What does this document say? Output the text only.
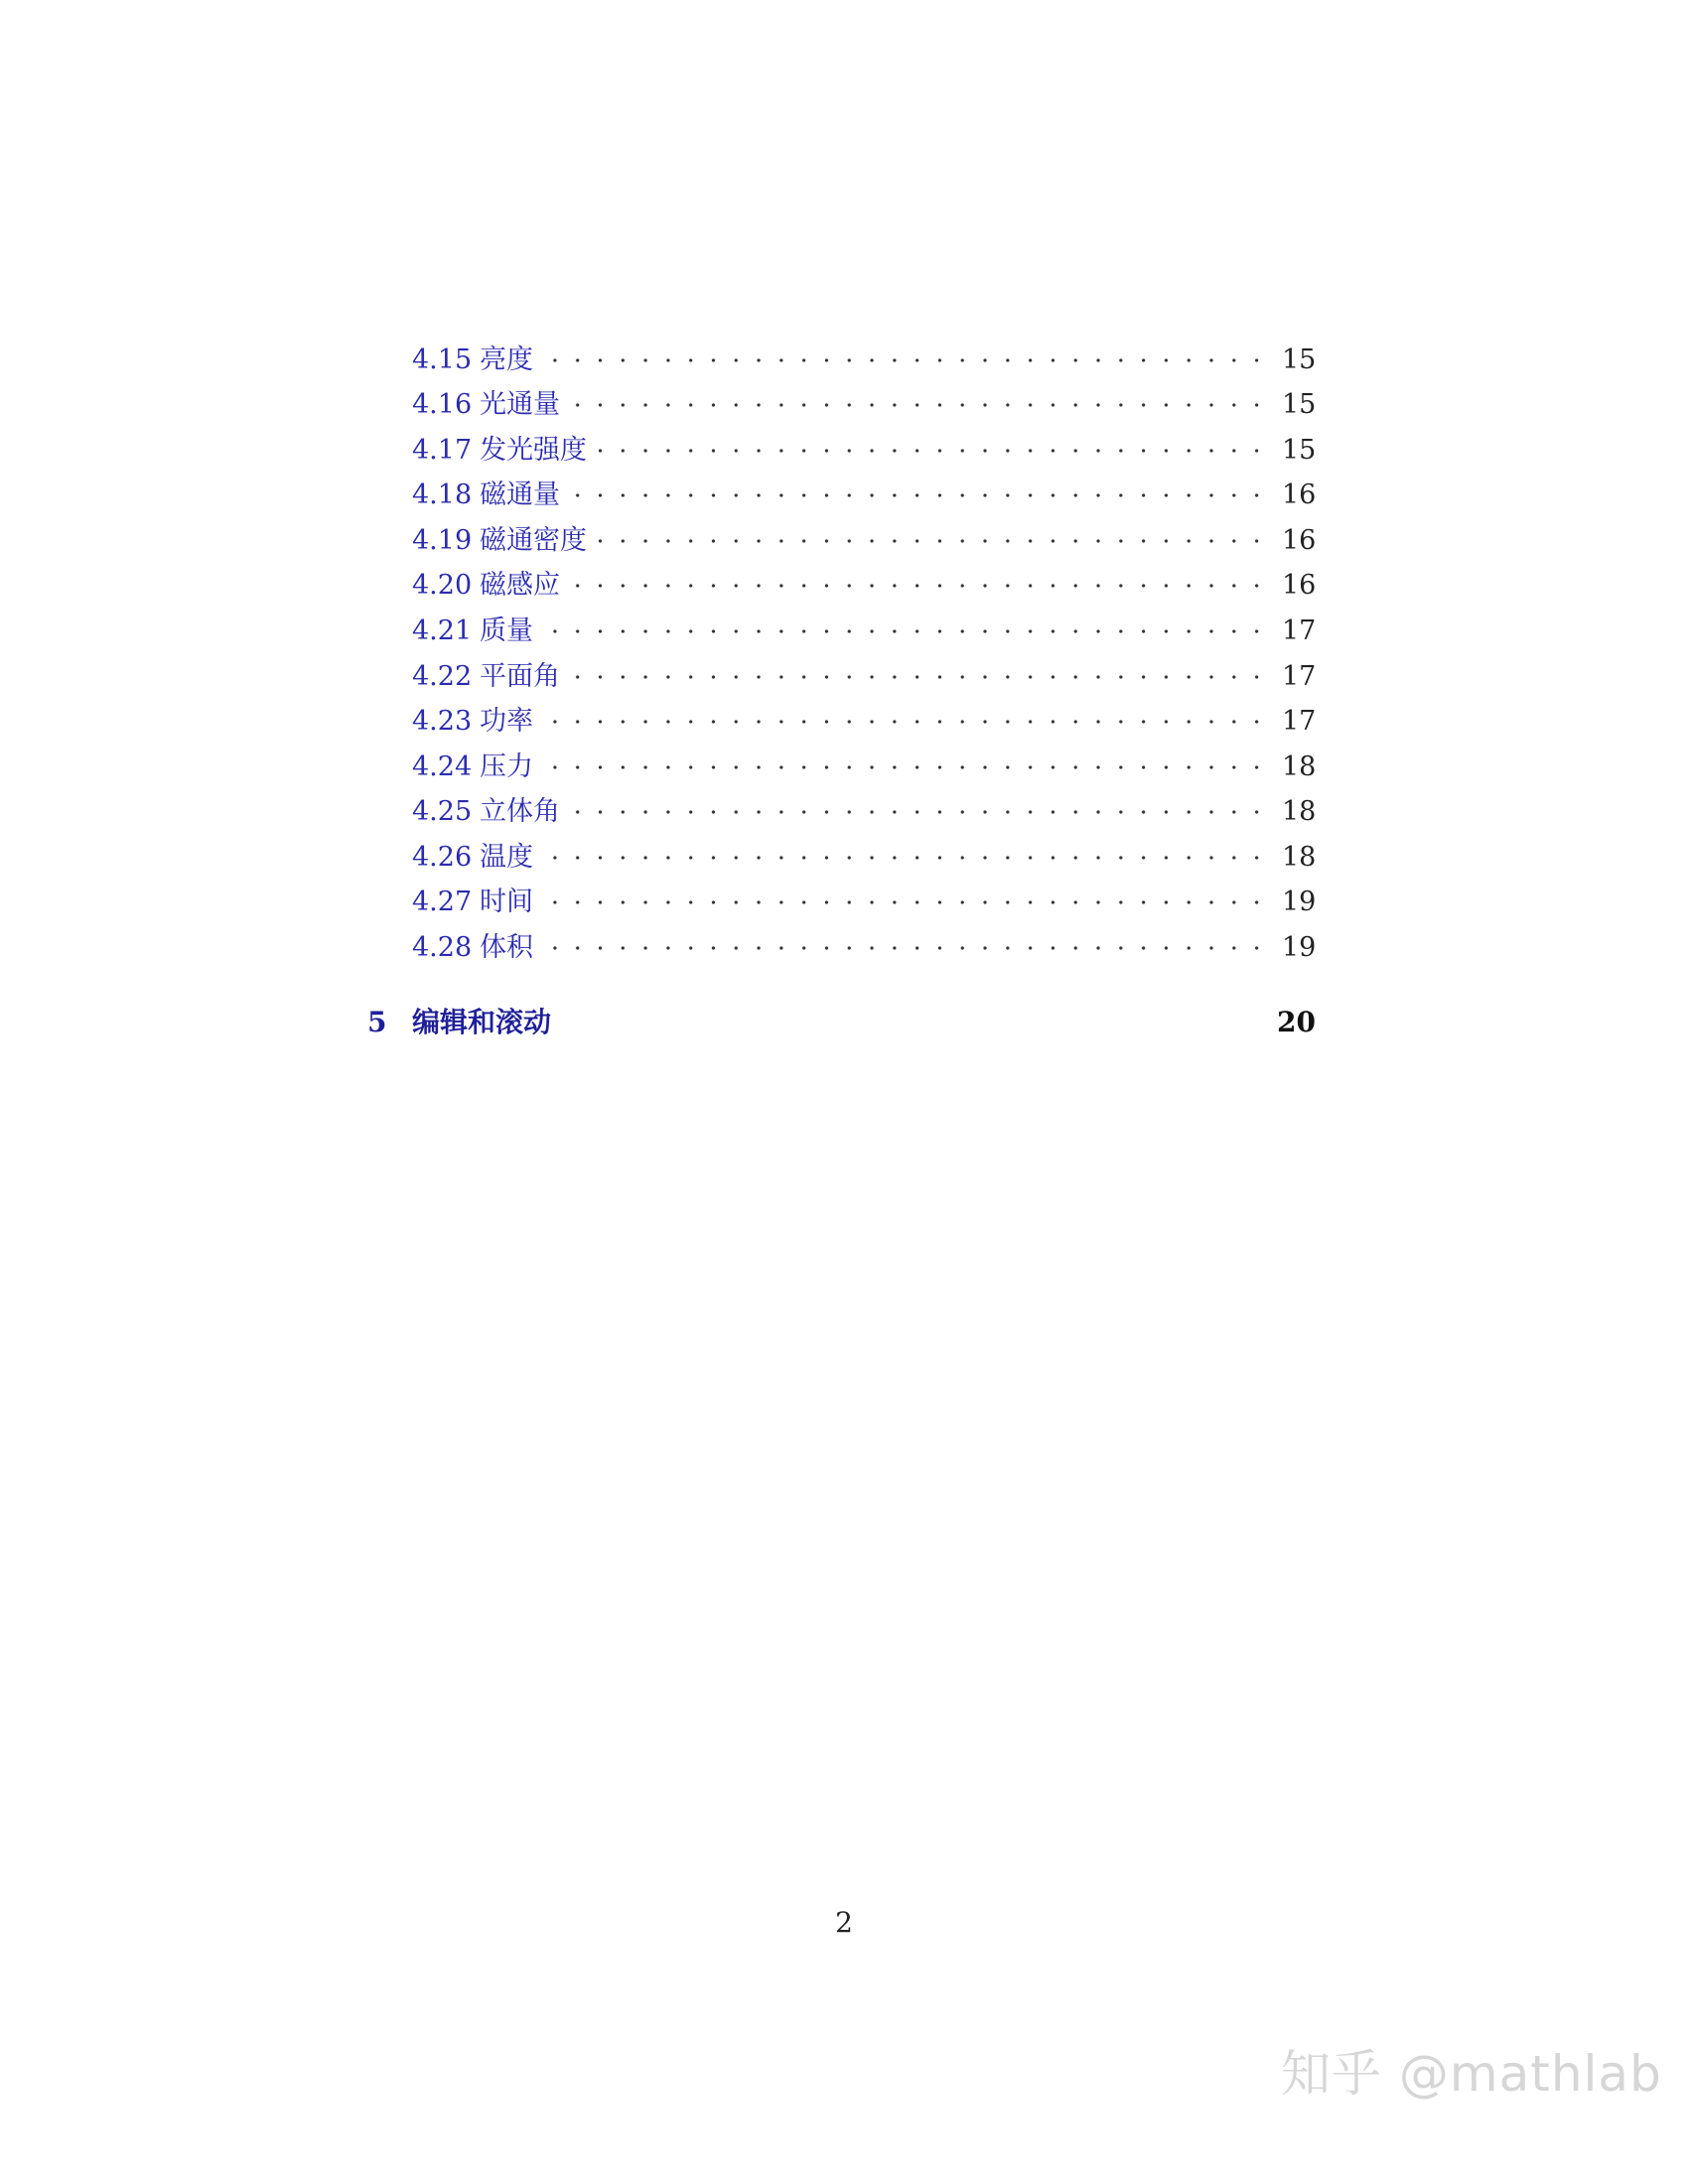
4.15 亮度	15
4.16 光通量	15
4.17 发光强度	15
4.18 磁通量	16
4.19 磁通密度	16
4.20 磁感应	16
4.21 质量	17
4.22 平面角	17
4.23 功率	17
4.24 压力	18
4.25 立体角	18
4.26 温度	18
4.27 时间	19
4.28 体积	19
5 编辑和滚动	20
2
知乎 @mathlab
